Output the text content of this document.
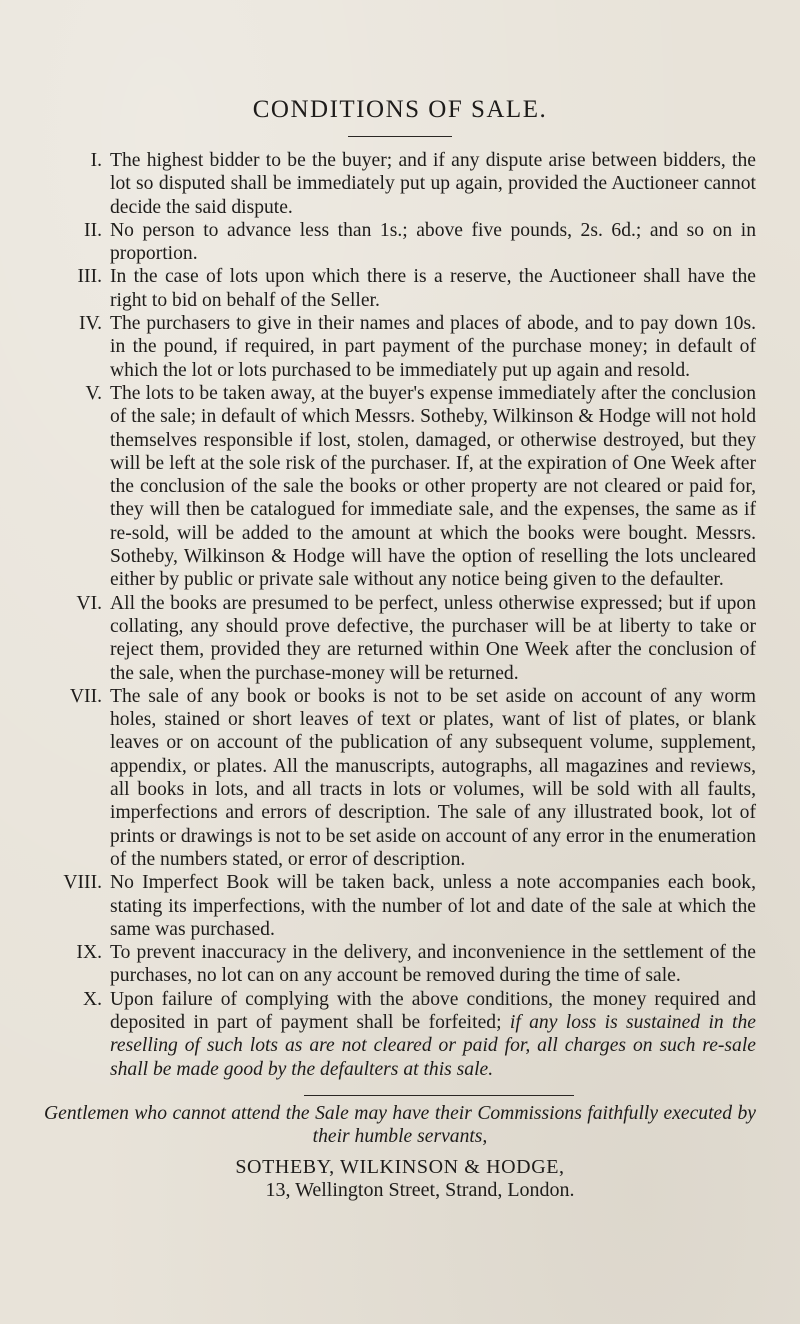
CONDITIONS OF SALE.
I. The highest bidder to be the buyer; and if any dispute arise between bidders, the lot so disputed shall be immediately put up again, provided the Auctioneer cannot decide the said dispute.
II. No person to advance less than 1s.; above five pounds, 2s. 6d.; and so on in proportion.
III. In the case of lots upon which there is a reserve, the Auctioneer shall have the right to bid on behalf of the Seller.
IV. The purchasers to give in their names and places of abode, and to pay down 10s. in the pound, if required, in part payment of the purchase money; in default of which the lot or lots purchased to be immediately put up again and resold.
V. The lots to be taken away, at the buyer's expense immediately after the conclusion of the sale; in default of which Messrs. Sotheby, Wilkinson & Hodge will not hold themselves responsible if lost, stolen, damaged, or otherwise destroyed, but they will be left at the sole risk of the purchaser. If, at the expiration of One Week after the conclusion of the sale the books or other property are not cleared or paid for, they will then be catalogued for immediate sale, and the expenses, the same as if re-sold, will be added to the amount at which the books were bought. Messrs. Sotheby, Wilkinson & Hodge will have the option of reselling the lots uncleared either by public or private sale without any notice being given to the defaulter.
VI. All the books are presumed to be perfect, unless otherwise expressed; but if upon collating, any should prove defective, the purchaser will be at liberty to take or reject them, provided they are returned within One Week after the conclusion of the sale, when the purchase-money will be returned.
VII. The sale of any book or books is not to be set aside on account of any worm holes, stained or short leaves of text or plates, want of list of plates, or blank leaves or on account of the publication of any subsequent volume, supplement, appendix, or plates. All the manuscripts, autographs, all magazines and reviews, all books in lots, and all tracts in lots or volumes, will be sold with all faults, imperfections and errors of description. The sale of any illustrated book, lot of prints or drawings is not to be set aside on account of any error in the enumeration of the numbers stated, or error of description.
VIII. No Imperfect Book will be taken back, unless a note accompanies each book, stating its imperfections, with the number of lot and date of the sale at which the same was purchased.
IX. To prevent inaccuracy in the delivery, and inconvenience in the settlement of the purchases, no lot can on any account be removed during the time of sale.
X. Upon failure of complying with the above conditions, the money required and deposited in part of payment shall be forfeited; if any loss is sustained in the reselling of such lots as are not cleared or paid for, all charges on such re-sale shall be made good by the defaulters at this sale.

Gentlemen who cannot attend the Sale may have their Commissions faithfully executed by their humble servants,

SOTHEBY, WILKINSON & HODGE,

13, Wellington Street, Strand, London.
